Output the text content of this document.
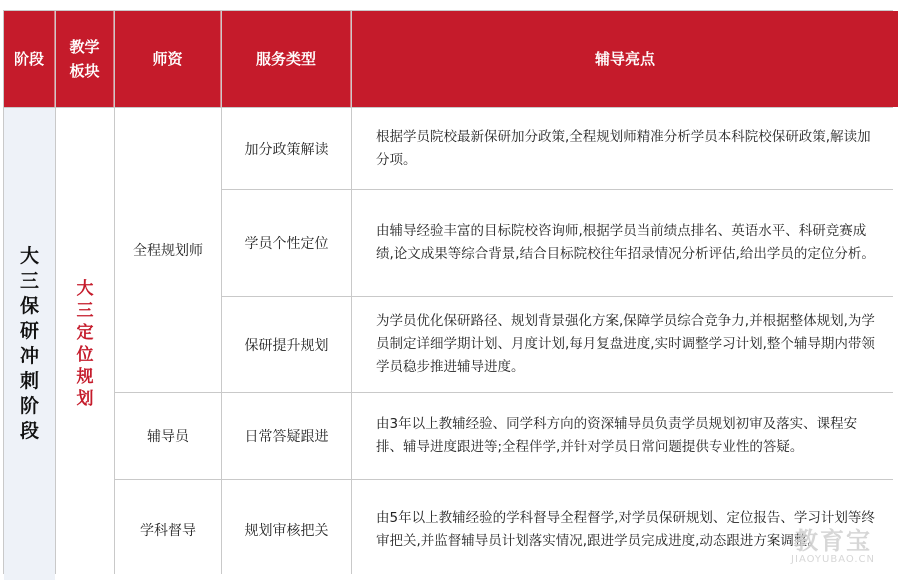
阶段
教学
板块
师资	服务类型	辅导亮点
大
三
保
研
冲
刺
阶
段
大
三
定
位
规
划
全程规划师
辅导员
学科督导
加分政策解读
根据学员院校最新保研加分政策,全程规划师精准分析学员本科院校保研政策,解读加分项。
学员个性定位
由辅导经验丰富的目标院校咨询师,根据学员当前绩点排名、英语水平、科研竞赛成绩,论文成果等综合背景,结合目标院校往年招录情况分析评估,给出学员的定位分析。
保研提升规划
为学员优化保研路径、规划背景强化方案,保障学员综合竞争力,并根据整体规划,为学员制定详细学期计划、月度计划,每月复盘进度,实时调整学习计划,整个辅导期内带领学员稳步推进辅导进度。
日常答疑跟进
由3年以上教辅经验、同学科方向的资深辅导员负责学员规划初审及落实、课程安排、辅导进度跟进等;全程伴学,并针对学员日常问题提供专业性的答疑。
规划审核把关
由5年以上教辅经验的学科督导全程督学,对学员保研规划、定位报告、学习计划等终审把关,并监督辅导员计划落实情况,跟进学员完成进度,动态跟进方案调整。
教育宝
JIAOYUBAO.CN
